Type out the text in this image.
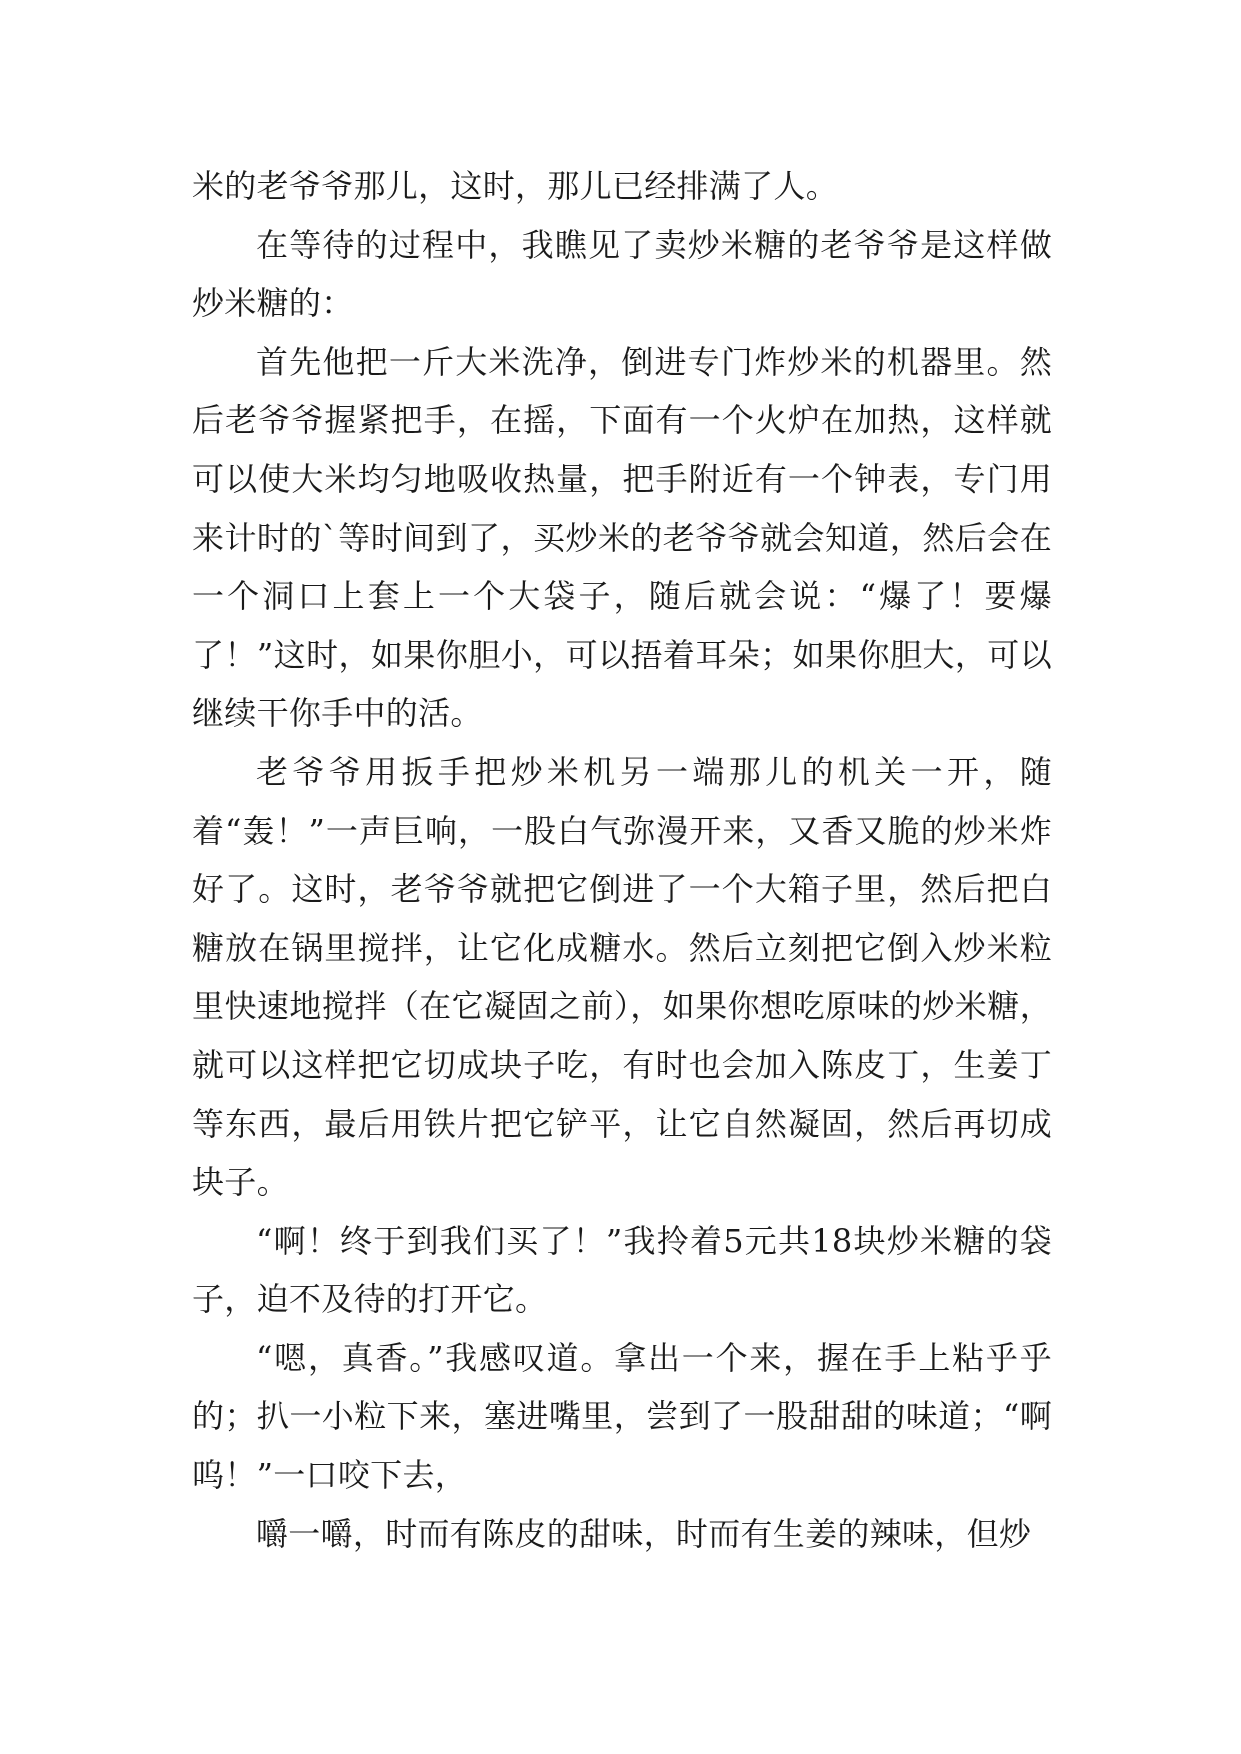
米的老爷爷那儿，这时，那儿已经排满了人。

在等待的过程中，我瞧见了卖炒米糖的老爷爷是这样做炒米糖的：

首先他把一斤大米洗净，倒进专门炸炒米的机器里。然后老爷爷握紧把手，在摇，下面有一个火炉在加热，这样就可以使大米均匀地吸收热量，把手附近有一个钟表，专门用来计时的`等时间到了，买炒米的老爷爷就会知道，然后会在一个洞口上套上一个大袋子，随后就会说：“爆了！要爆了！”这时，如果你胆小，可以捂着耳朵；如果你胆大，可以继续干你手中的活。

老爷爷用扳手把炒米机另一端那儿的机关一开，随着“轰！”一声巨响，一股白气弥漫开来，又香又脆的炒米炸好了。这时，老爷爷就把它倒进了一个大箱子里，然后把白糖放在锅里搅拌，让它化成糖水。然后立刻把它倒入炒米粒里快速地搅拌（在它凝固之前），如果你想吃原味的炒米糖，就可以这样把它切成块子吃，有时也会加入陈皮丁，生姜丁等东西，最后用铁片把它铲平，让它自然凝固，然后再切成块子。

“啊！终于到我们买了！”我拎着5元共18块炒米糖的袋子，迫不及待的打开它。

“嗯，真香。”我感叹道。拿出一个来，握在手上粘乎乎的；扒一小粒下来，塞进嘴里，尝到了一股甜甜的味道；“啊呜！”一口咬下去，

嚼一嚼，时而有陈皮的甜味，时而有生姜的辣味，但炒
